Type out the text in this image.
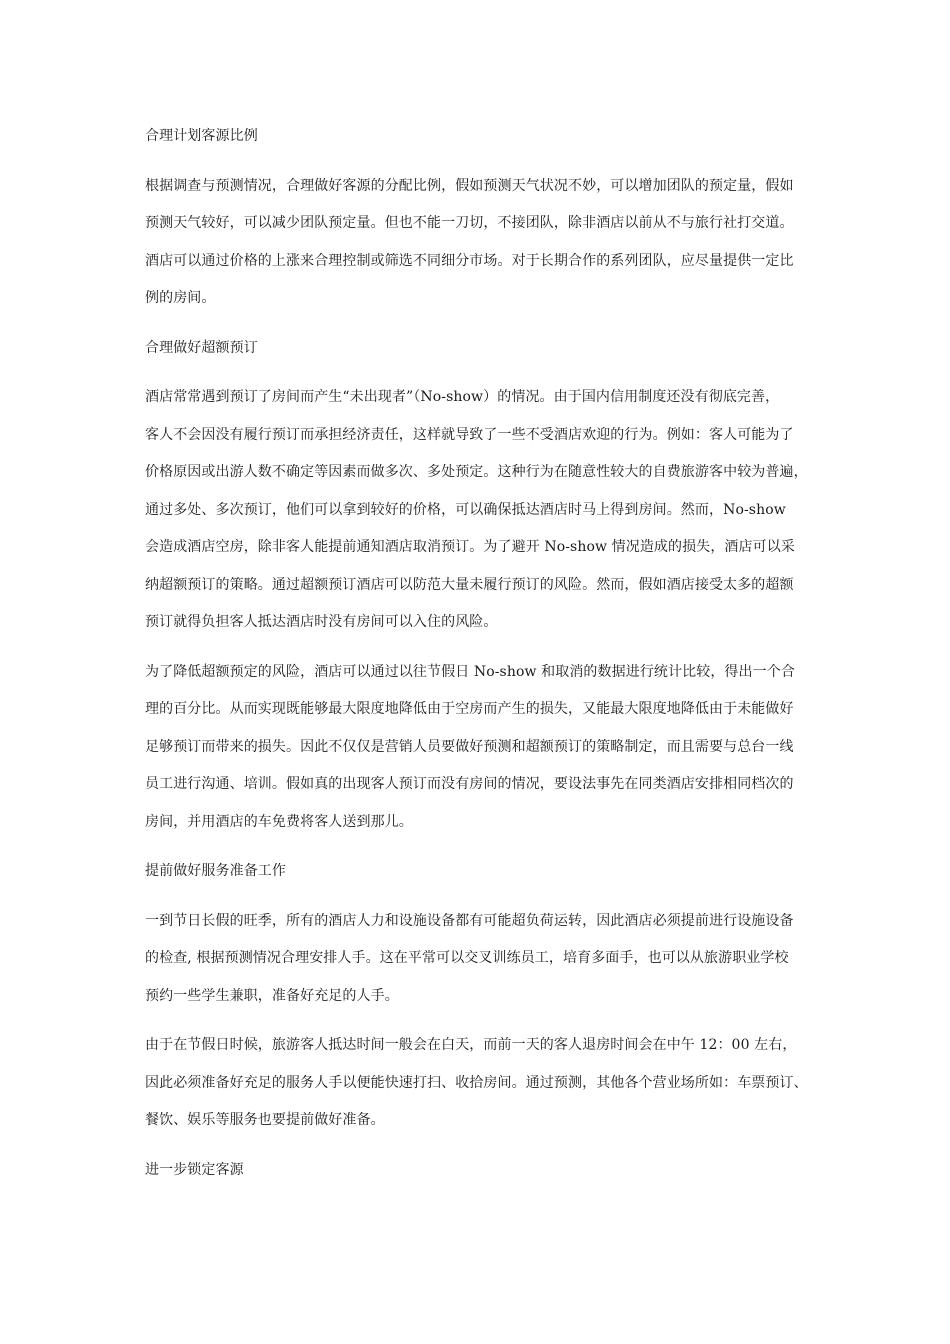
合理计划客源比例
根据调查与预测情况，合理做好客源的分配比例，假如预测天气状况不妙，可以增加团队的预定量，假如
预测天气较好，可以减少团队预定量。但也不能一刀切，不接团队，除非酒店以前从不与旅行社打交道。
酒店可以通过价格的上涨来合理控制或筛选不同细分市场。对于长期合作的系列团队，应尽量提供一定比
例的房间。
合理做好超额预订
酒店常常遇到预订了房间而产生“未出现者”（No-show）的情况。由于国内信用制度还没有彻底完善，
客人不会因没有履行预订而承担经济责任，这样就导致了一些不受酒店欢迎的行为。例如：客人可能为了
价格原因或出游人数不确定等因素而做多次、多处预定。这种行为在随意性较大的自费旅游客中较为普遍，
通过多处、多次预订，他们可以拿到较好的价格，可以确保抵达酒店时马上得到房间。然而，No-show
会造成酒店空房，除非客人能提前通知酒店取消预订。为了避开 No-show 情况造成的损失，酒店可以采
纳超额预订的策略。通过超额预订酒店可以防范大量未履行预订的风险。然而，假如酒店接受太多的超额
预订就得负担客人抵达酒店时没有房间可以入住的风险。
为了降低超额预定的风险，酒店可以通过以往节假日 No-show 和取消的数据进行统计比较，得出一个合
理的百分比。从而实现既能够最大限度地降低由于空房而产生的损失，又能最大限度地降低由于未能做好
足够预订而带来的损失。因此不仅仅是营销人员要做好预测和超额预订的策略制定，而且需要与总台一线
员工进行沟通、培训。假如真的出现客人预订而没有房间的情况，要设法事先在同类酒店安排相同档次的
房间，并用酒店的车免费将客人送到那儿。
提前做好服务准备工作
一到节日长假的旺季，所有的酒店人力和设施设备都有可能超负荷运转，因此酒店必须提前进行设施设备
的检查, 根据预测情况合理安排人手。这在平常可以交叉训练员工，培育多面手，也可以从旅游职业学校
预约一些学生兼职，准备好充足的人手。
由于在节假日时候，旅游客人抵达时间一般会在白天，而前一天的客人退房时间会在中午 12：00 左右，
因此必须准备好充足的服务人手以便能快速打扫、收拾房间。通过预测，其他各个营业场所如：车票预订、
餐饮、娱乐等服务也要提前做好准备。
进一步锁定客源
